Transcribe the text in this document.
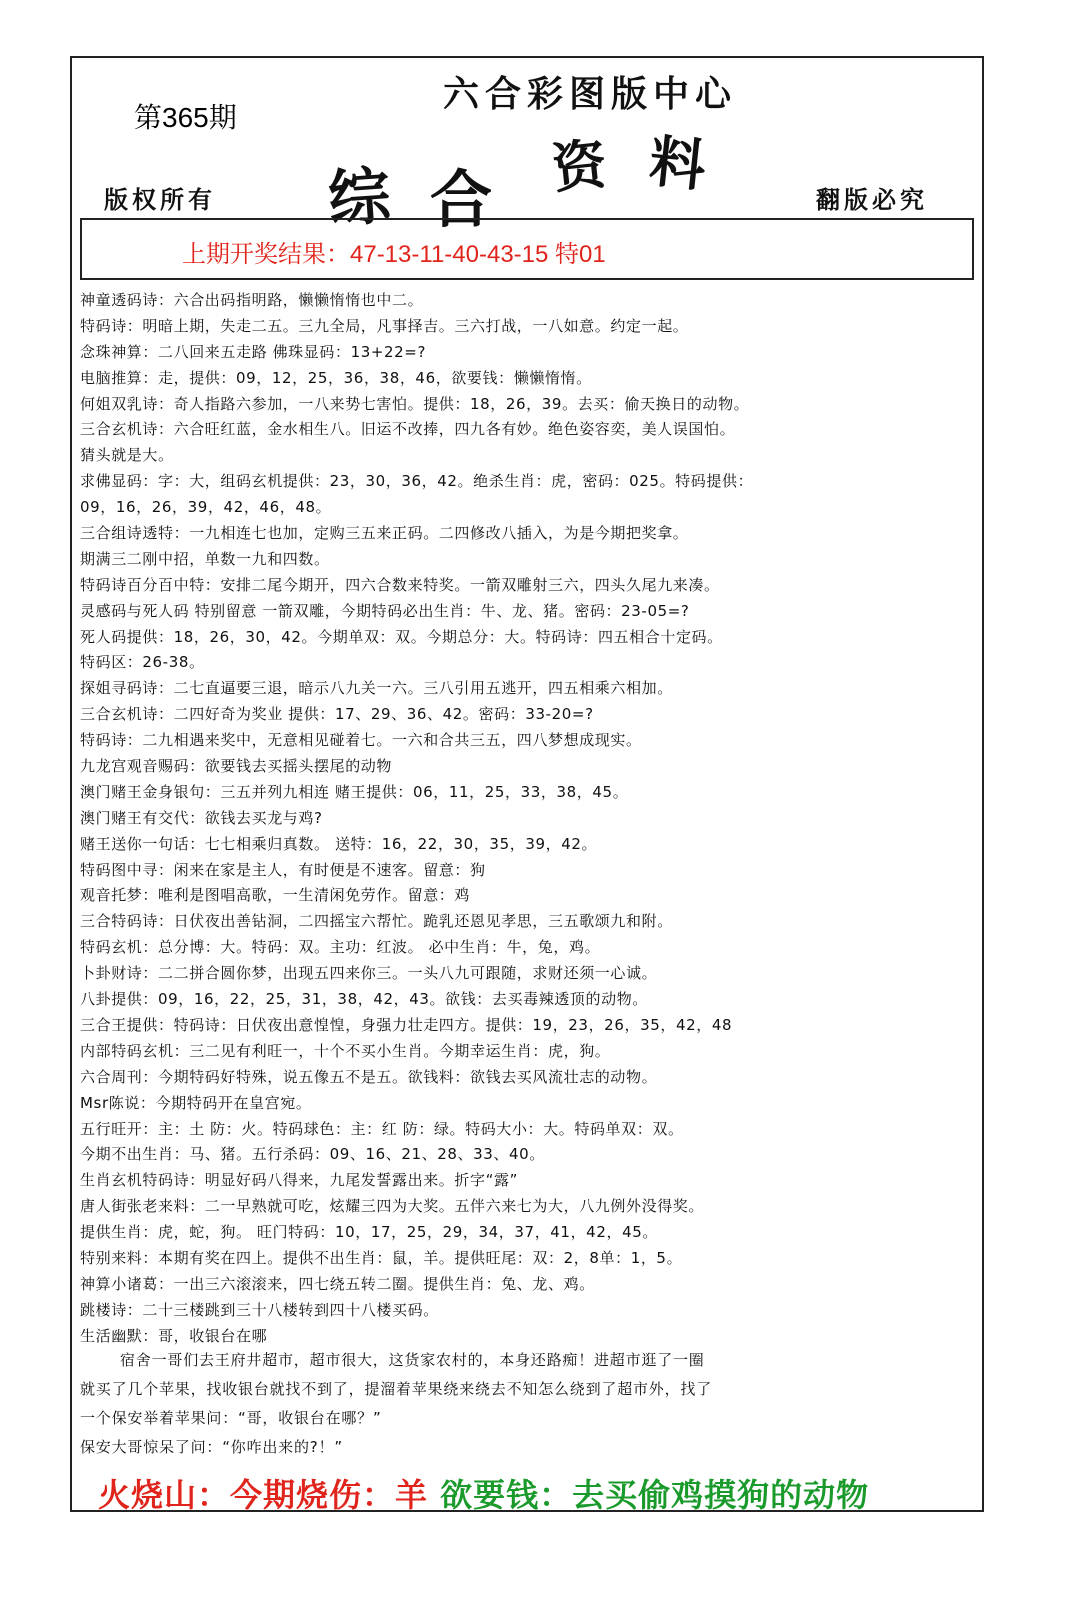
第365期
六合彩图版中心
综 合 资 料
版权所有	翻版必究
上期开奖结果：47-13-11-40-43-15 特01
神童透码诗：六合出码指明路，懒懒惰惰也中二。
特码诗：明暗上期，失走二五。三九全局，凡事择吉。三六打战，一八如意。约定一起。
念珠神算：二八回来五走路 佛珠显码：13+22=?
电脑推算：走，提供：09，12，25，36，38，46，欲要钱：懒懒惰惰。
何姐双乳诗：奇人指路六参加，一八来势七害怕。提供：18，26，39。去买：偷天换日的动物。
三合玄机诗：六合旺红蓝，金水相生八。旧运不改捧，四九各有妙。绝色姿容奕，美人误国怕。
猜头就是大。
求佛显码：字：大，组码玄机提供：23，30，36，42。绝杀生肖：虎，密码：025。特码提供：
09，16，26，39，42，46，48。
三合组诗透特：一九相连七也加，定购三五来正码。二四修改八插入，为是今期把奖拿。
期满三二刚中招，单数一九和四数。
特码诗百分百中特：安排二尾今期开，四六合数来特奖。一箭双雕射三六，四头久尾九来凑。
灵感码与死人码 特别留意 一箭双雕，今期特码必出生肖：牛、龙、猪。密码：23-05=?
死人码提供：18，26，30，42。今期单双：双。今期总分：大。特码诗：四五相合十定码。
特码区：26-38。
探姐寻码诗：二七直逼要三退，暗示八九关一六。三八引用五逃开，四五相乘六相加。
三合玄机诗：二四好奇为奖业 提供：17、29、36、42。密码：33-20=?
特码诗：二九相遇来奖中，无意相见碰着七。一六和合共三五，四八梦想成现实。
九龙宫观音赐码：欲要钱去买摇头摆尾的动物
澳门赌王金身银句：三五并列九相连 赌王提供：06，11，25，33，38，45。
澳门赌王有交代：欲钱去买龙与鸡?
赌王送你一句话：七七相乘归真数。 送特：16，22，30，35，39，42。
特码图中寻：闲来在家是主人，有时便是不速客。留意：狗
观音托梦：唯利是图唱高歌，一生清闲免劳作。留意：鸡
三合特码诗：日伏夜出善钻洞，二四摇宝六帮忙。跪乳还恩见孝思，三五歌颂九和附。
特码玄机：总分博：大。特码：双。主功：红波。 必中生肖：牛，兔，鸡。
卜卦财诗：二二拼合圆你梦，出现五四来你三。一头八九可跟随，求财还须一心诚。
八卦提供：09，16，22，25，31，38，42，43。欲钱：去买毒辣透顶的动物。
三合王提供：特码诗：日伏夜出意惶惶，身强力壮走四方。提供：19，23，26，35，42，48
内部特码玄机：三二见有利旺一，十个不买小生肖。今期幸运生肖：虎，狗。
六合周刊：今期特码好特殊，说五像五不是五。欲钱料：欲钱去买风流壮志的动物。
Msr陈说：今期特码开在皇宫宛。
五行旺开：主：土 防：火。特码球色：主：红 防：绿。特码大小：大。特码单双：双。
今期不出生肖：马、猪。五行杀码：09、16、21、28、33、40。
生肖玄机特码诗：明显好码八得来，九尾发誓露出来。折字“露”
唐人街张老来料：二一早熟就可吃，炫耀三四为大奖。五伴六来七为大，八九例外没得奖。
提供生肖：虎，蛇，狗。 旺门特码：10，17，25，29，34，37，41，42，45。
特别来料：本期有奖在四上。提供不出生肖：鼠，羊。提供旺尾：双：2，8单：1，5。
神算小诸葛：一出三六滚滚来，四七绕五转二圈。提供生肖：兔、龙、鸡。
跳楼诗：二十三楼跳到三十八楼转到四十八楼买码。
生活幽默：哥，收银台在哪
宿舍一哥们去王府井超市，超市很大，这货家农村的，本身还路痴！进超市逛了一圈
就买了几个苹果，找收银台就找不到了，提溜着苹果绕来绕去不知怎么绕到了超市外，找了
一个保安举着苹果问：“哥，收银台在哪？”
保安大哥惊呆了问：“你咋出来的?！”
火烧山：今期烧伤：羊 欲要钱：去买偷鸡摸狗的动物
